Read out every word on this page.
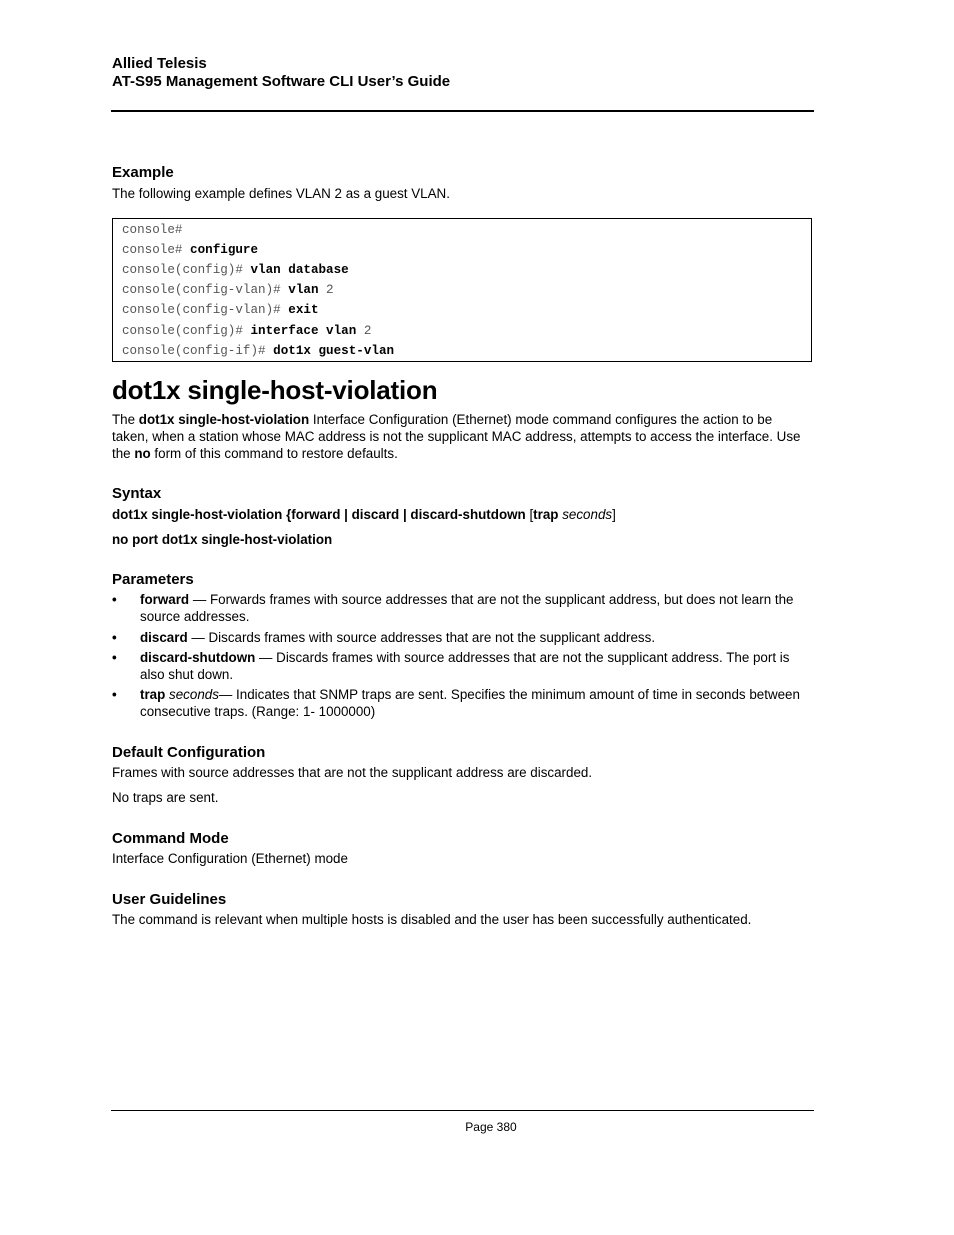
Allied Telesis
AT-S95 Management Software CLI User’s Guide
Example
The following example defines VLAN 2 as a guest VLAN.
console#
console# configure
console(config)# vlan database
console(config-vlan)# vlan 2
console(config-vlan)# exit
console(config)# interface vlan 2
console(config-if)# dot1x guest-vlan
dot1x single-host-violation
The dot1x single-host-violation Interface Configuration (Ethernet) mode command configures the action to be taken, when a station whose MAC address is not the supplicant MAC address, attempts to access the interface. Use the no form of this command to restore defaults.
Syntax
dot1x single-host-violation {forward | discard | discard-shutdown [trap seconds]
no port dot1x single-host-violation
Parameters
• forward — Forwards frames with source addresses that are not the supplicant address, but does not learn the source addresses.
• discard — Discards frames with source addresses that are not the supplicant address.
• discard-shutdown — Discards frames with source addresses that are not the supplicant address. The port is also shut down.
• trap seconds— Indicates that SNMP traps are sent. Specifies the minimum amount of time in seconds between consecutive traps. (Range: 1- 1000000)
Default Configuration
Frames with source addresses that are not the supplicant address are discarded.
No traps are sent.
Command Mode
Interface Configuration (Ethernet) mode
User Guidelines
The command is relevant when multiple hosts is disabled and the user has been successfully authenticated.
Page 380
